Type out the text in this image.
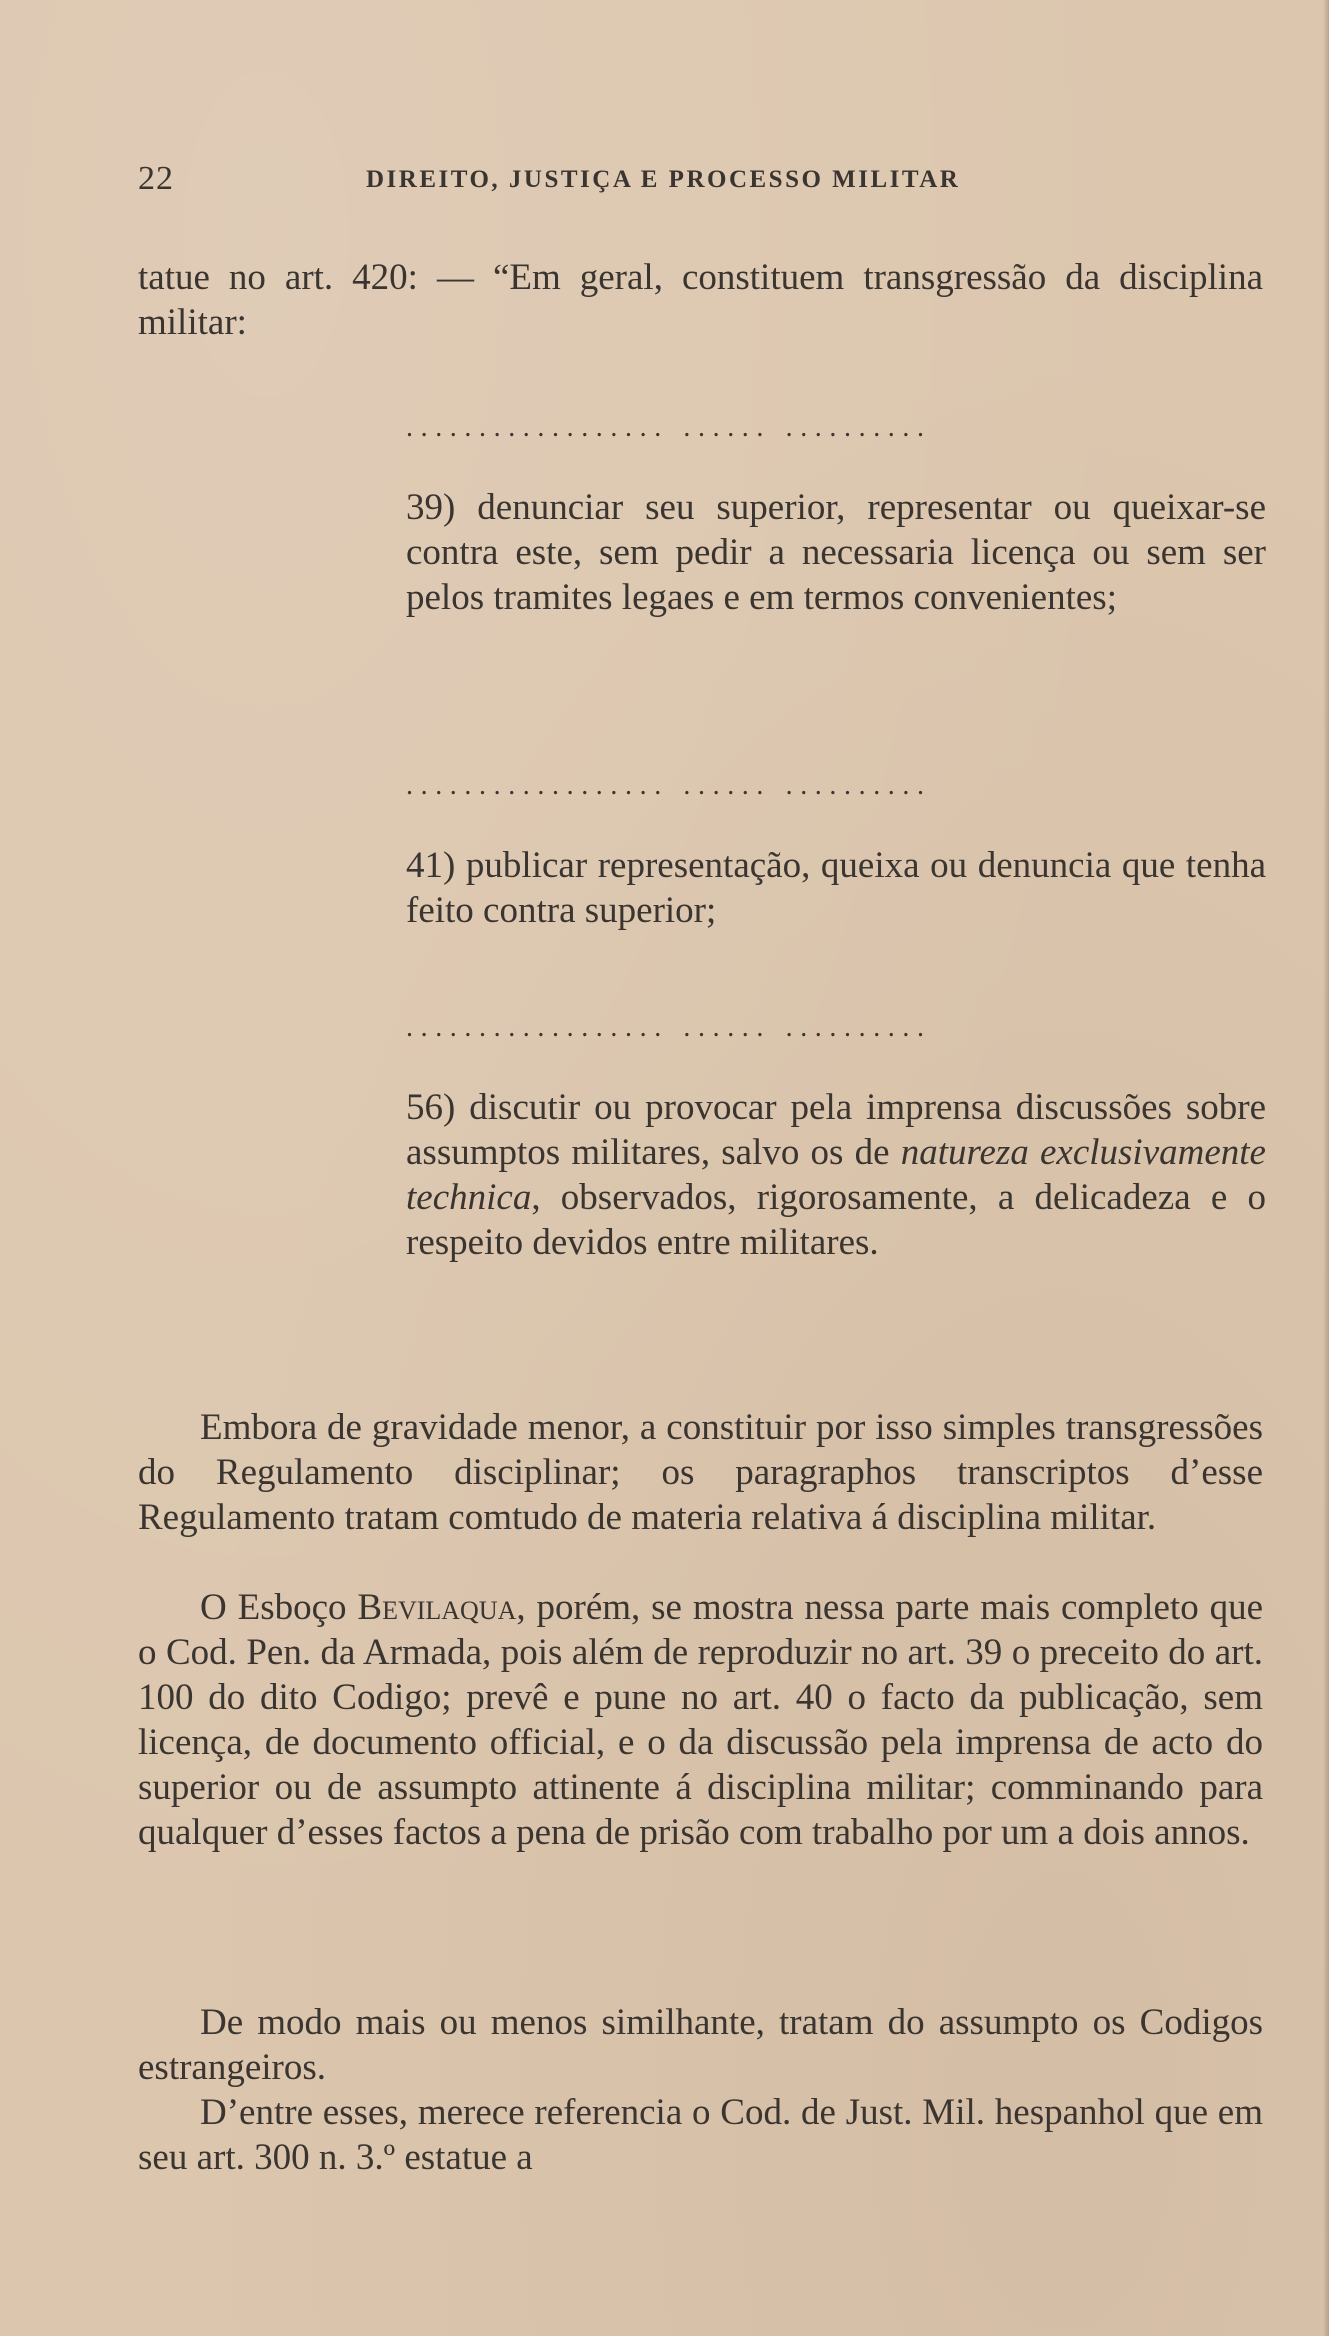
22	DIREITO, JUSTIÇA E PROCESSO MILITAR

tatue no art. 420: — “Em geral, constituem transgressão da disciplina militar:

.................. ...... ..........

39) denunciar seu superior, representar ou queixar-se contra este, sem pedir a necessaria licença ou sem ser pelos tramites legaes e em termos convenientes;

.................. ...... ..........

41) publicar representação, queixa ou denuncia que tenha feito contra superior;

.................. ...... ..........

56) discutir ou provocar pela imprensa discussões sobre assumptos militares, salvo os de natureza exclusivamente technica, observados, rigorosamente, a delicadeza e o respeito devidos entre militares.

Embora de gravidade menor, a constituir por isso simples transgressões do Regulamento disciplinar; os paragraphos transcriptos d’esse Regulamento tratam comtudo de materia relativa á disciplina militar.

O Esboço Bevilaqua, porém, se mostra nessa parte mais completo que o Cod. Pen. da Armada, pois além de reproduzir no art. 39 o preceito do art. 100 do dito Codigo; prevê e pune no art. 40 o facto da publicação, sem licença, de documento official, e o da discussão pela imprensa de acto do superior ou de assumpto attinente á disciplina militar; comminando para qualquer d’esses factos a pena de prisão com trabalho por um a dois annos.

De modo mais ou menos similhante, tratam do assumpto os Codigos estrangeiros.

D’entre esses, merece referencia o Cod. de Just. Mil. hespanhol que em seu art. 300 n. 3.º estatue a
